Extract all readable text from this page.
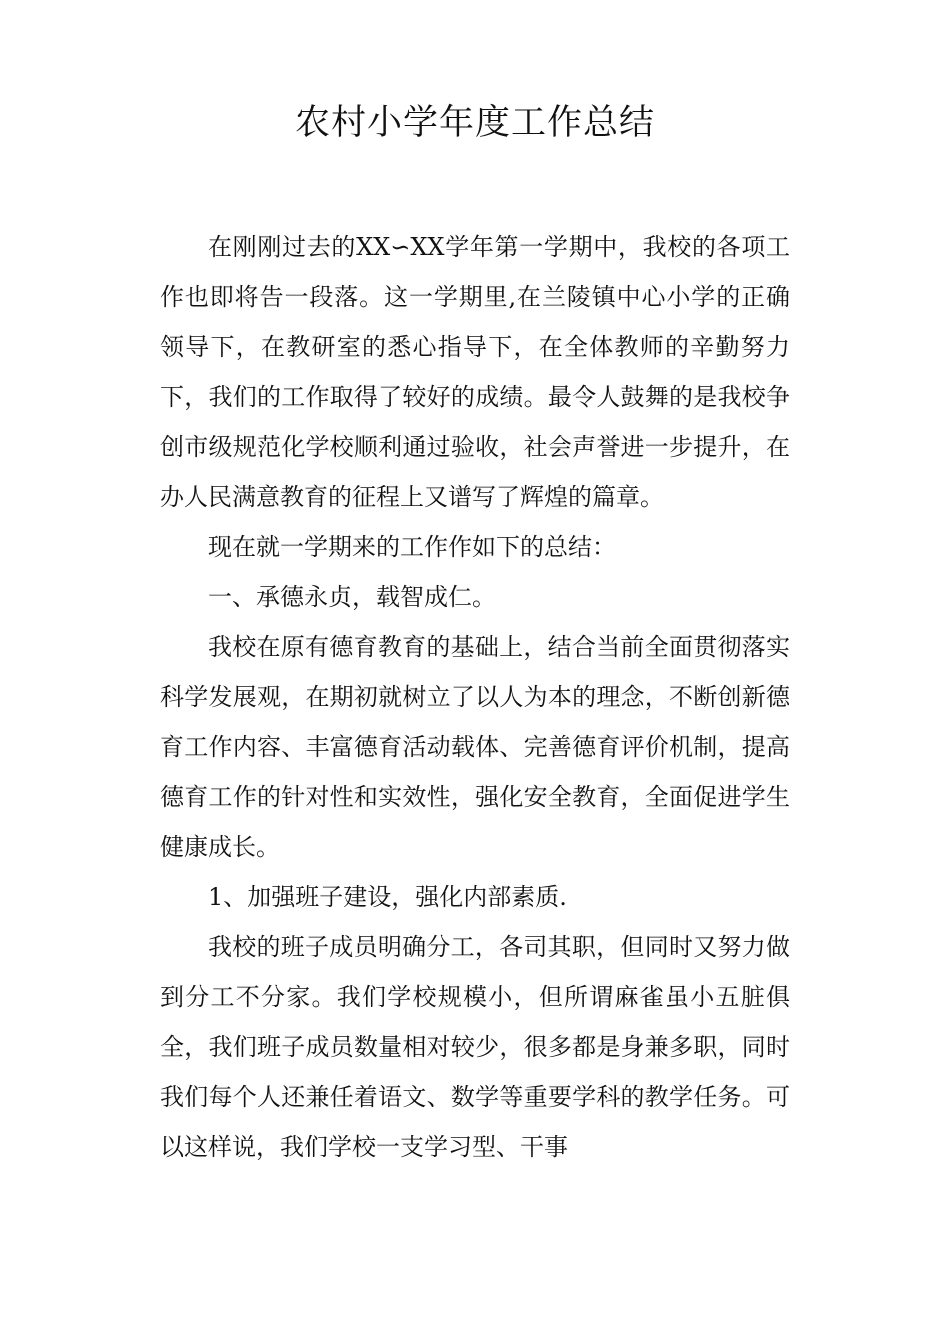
农村小学年度工作总结

在刚刚过去的XX∽XX学年第一学期中，我校的各项工作也即将告一段落。这一学期里,在兰陵镇中心小学的正确领导下，在教研室的悉心指导下，在全体教师的辛勤努力下，我们的工作取得了较好的成绩。最令人鼓舞的是我校争创市级规范化学校顺利通过验收，社会声誉进一步提升，在办人民满意教育的征程上又谱写了辉煌的篇章。

现在就一学期来的工作作如下的总结：

一、承德永贞，载智成仁。

我校在原有德育教育的基础上，结合当前全面贯彻落实科学发展观，在期初就树立了以人为本的理念，不断创新德育工作内容、丰富德育活动载体、完善德育评价机制，提高德育工作的针对性和实效性，强化安全教育，全面促进学生健康成长。

1、加强班子建设，强化内部素质.

我校的班子成员明确分工，各司其职，但同时又努力做到分工不分家。我们学校规模小，但所谓麻雀虽小五脏俱全，我们班子成员数量相对较少，很多都是身兼多职，同时我们每个人还兼任着语文、数学等重要学科的教学任务。可以这样说，我们学校一支学习型、干事
